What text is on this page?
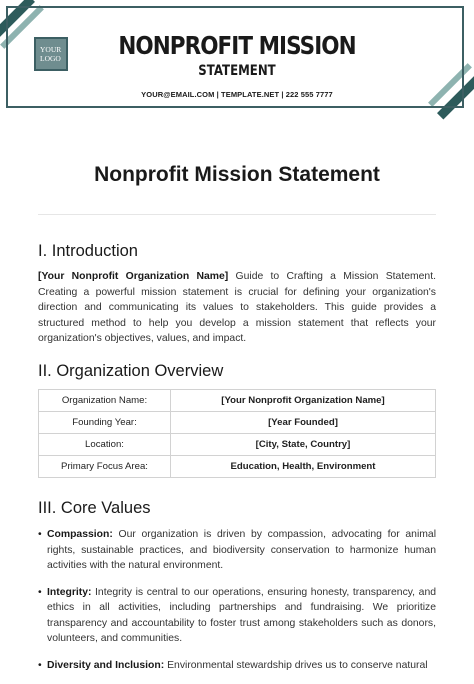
YOUR
LOGO	NONPROFIT MISSION
STATEMENT
YOUR@EMAIL.COM | TEMPLATE.NET | 222 555 7777
Nonprofit Mission Statement
I. Introduction

[Your Nonprofit Organization Name] Guide to Crafting a Mission Statement. Creating a powerful mission statement is crucial for defining your organization's direction and communicating its values to stakeholders. This guide provides a structured method to help you develop a mission statement that reflects your organization's objectives, values, and impact.

II. Organization Overview
Organization Name:	[Your Nonprofit Organization Name]
Founding Year:	[Year Founded]
Location:	[City, State, Country]
Primary Focus Area:	Education, Health, Environment
III. Core Values
• Compassion: Our organization is driven by compassion, advocating for animal rights, sustainable practices, and biodiversity conservation to harmonize human activities with the natural environment.
• Integrity: Integrity is central to our operations, ensuring honesty, transparency, and ethics in all activities, including partnerships and fundraising. We prioritize transparency and accountability to foster trust among stakeholders such as donors, volunteers, and communities.
• Diversity and Inclusion: Environmental stewardship drives us to conserve natural
